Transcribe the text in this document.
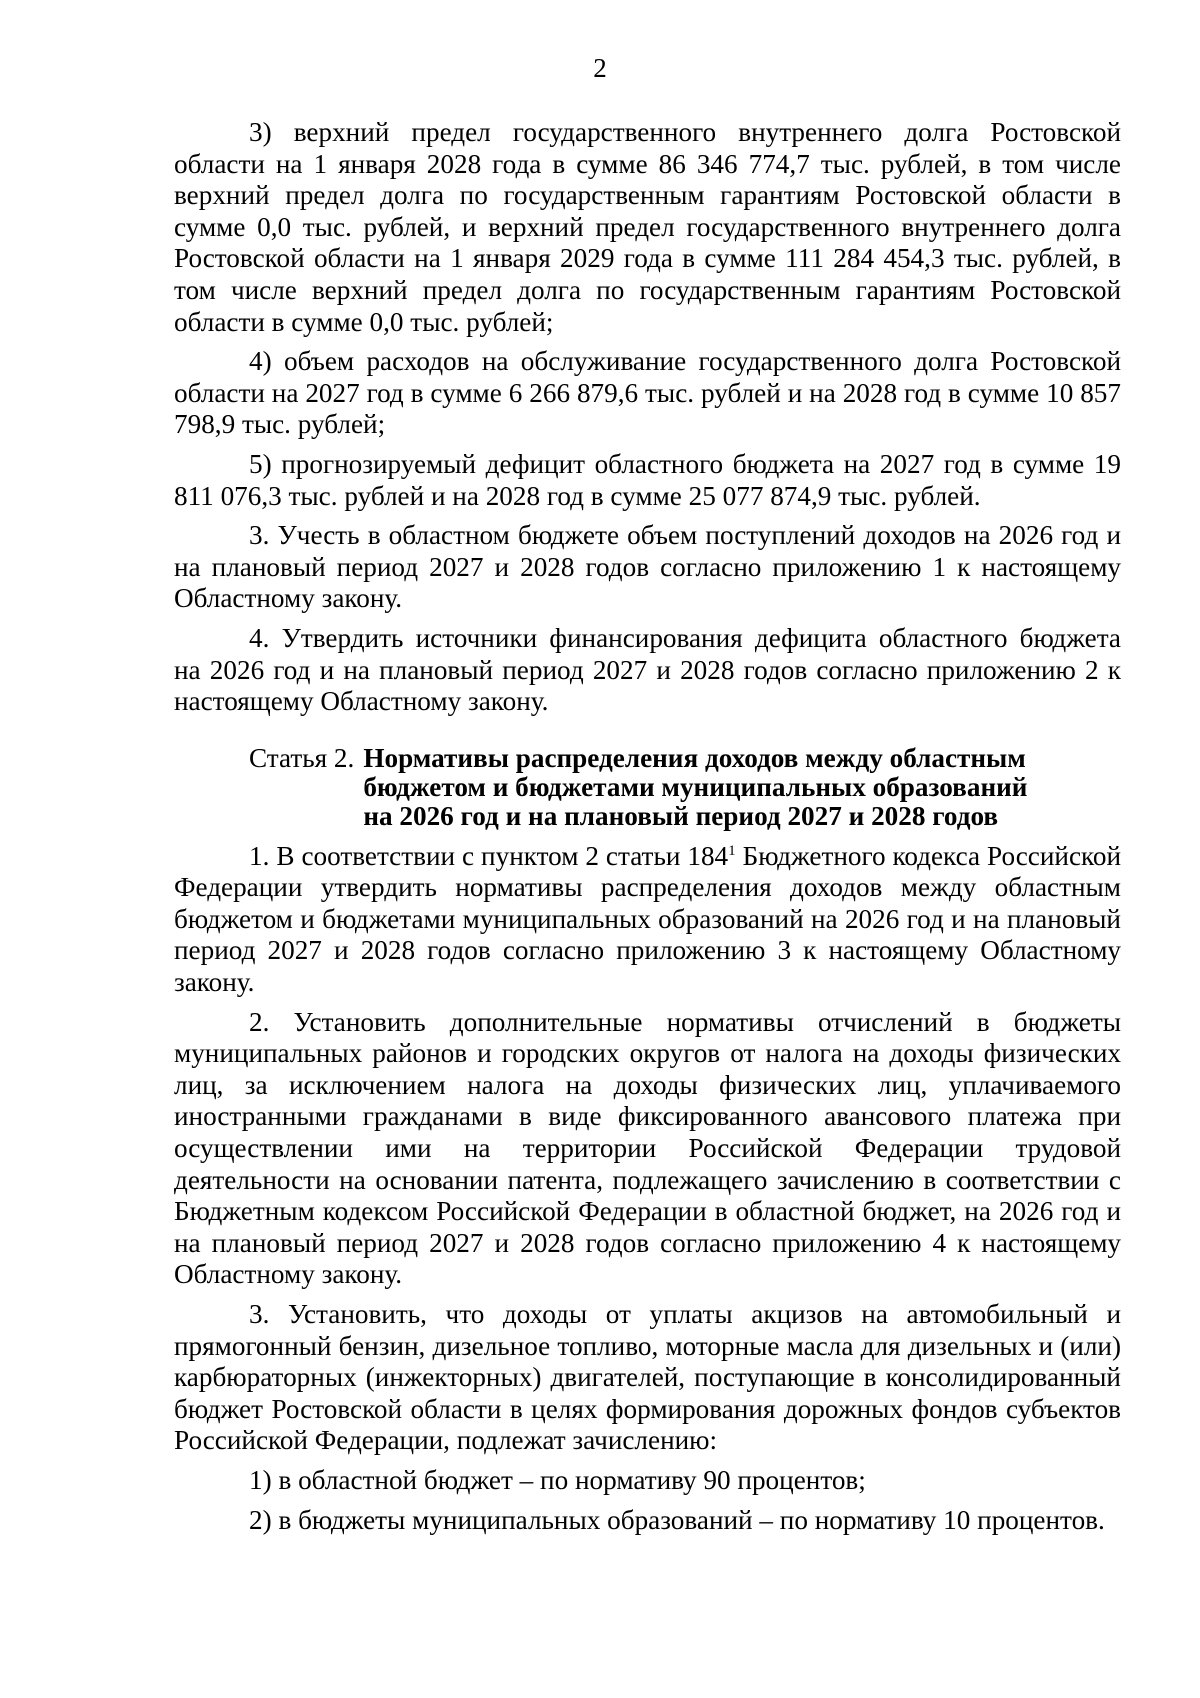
2

3) верхний предел государственного внутреннего долга Ростовской области на 1 января 2028 года в сумме 86 346 774,7 тыс. рублей, в том числе верхний предел долга по государственным гарантиям Ростовской области в сумме 0,0 тыс. рублей, и верхний предел государственного внутреннего долга Ростовской области на 1 января 2029 года в сумме 111 284 454,3 тыс. рублей, в том числе верхний предел долга по государственным гарантиям Ростовской области в сумме 0,0 тыс. рублей;

4) объем расходов на обслуживание государственного долга Ростовской области на 2027 год в сумме 6 266 879,6 тыс. рублей и на 2028 год в сумме 10 857 798,9 тыс. рублей;

5) прогнозируемый дефицит областного бюджета на 2027 год в сумме 19 811 076,3 тыс. рублей и на 2028 год в сумме 25 077 874,9 тыс. рублей.

3. Учесть в областном бюджете объем поступлений доходов на 2026 год и на плановый период 2027 и 2028 годов согласно приложению 1 к настоящему Областному закону.

4. Утвердить источники финансирования дефицита областного бюджета на 2026 год и на плановый период 2027 и 2028 годов согласно приложению 2 к настоящему Областному закону.

Статья 2. Нормативы распределения доходов между областным
бюджетом и бюджетами муниципальных образований
на 2026 год и на плановый период 2027 и 2028 годов

1. В соответствии с пунктом 2 статьи $184^1$ Бюджетного кодекса Российской Федерации утвердить нормативы распределения доходов между областным бюджетом и бюджетами муниципальных образований на 2026 год и на плановый период 2027 и 2028 годов согласно приложению 3 к настоящему Областному закону.

2. Установить дополнительные нормативы отчислений в бюджеты муниципальных районов и городских округов от налога на доходы физических лиц, за исключением налога на доходы физических лиц, уплачиваемого иностранными гражданами в виде фиксированного авансового платежа при осуществлении ими на территории Российской Федерации трудовой деятельности на основании патента, подлежащего зачислению в соответствии с Бюджетным кодексом Российской Федерации в областной бюджет, на 2026 год и на плановый период 2027 и 2028 годов согласно приложению 4 к настоящему Областному закону.

3. Установить, что доходы от уплаты акцизов на автомобильный и прямогонный бензин, дизельное топливо, моторные масла для дизельных и (или) карбюраторных (инжекторных) двигателей, поступающие в консолидированный бюджет Ростовской области в целях формирования дорожных фондов субъектов Российской Федерации, подлежат зачислению:

1) в областной бюджет – по нормативу 90 процентов;

2) в бюджеты муниципальных образований – по нормативу 10 процентов.
